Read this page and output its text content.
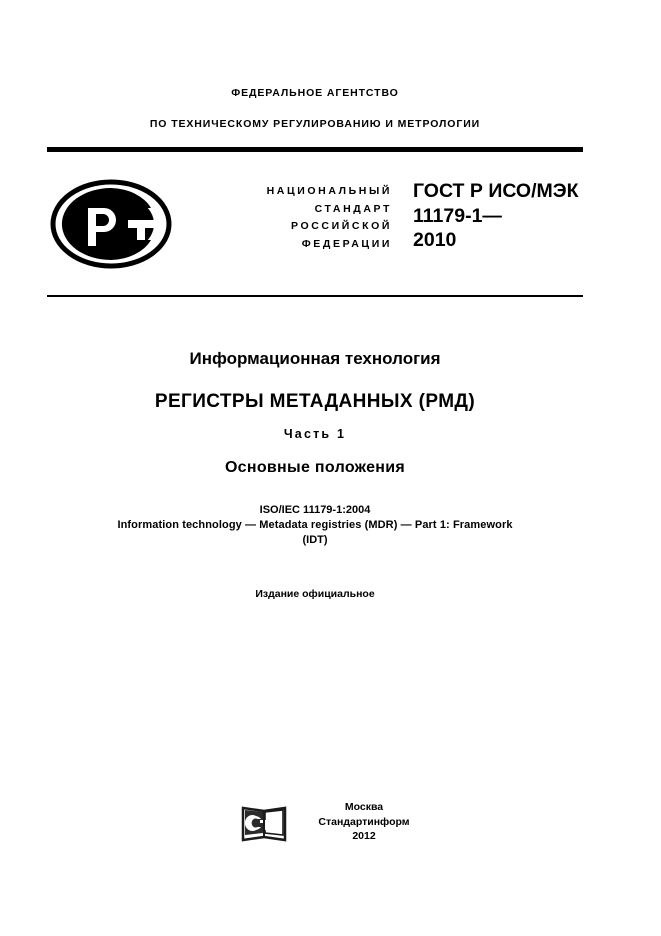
ФЕДЕРАЛЬНОЕ АГЕНТСТВО
ПО ТЕХНИЧЕСКОМУ РЕГУЛИРОВАНИЮ И МЕТРОЛОГИИ
НАЦИОНАЛЬНЫЙ
СТАНДАРТ
РОССИЙСКОЙ
ФЕДЕРАЦИИ
ГОСТ Р ИСО/МЭК
11179-1—
2010
Информационная технология
РЕГИСТРЫ МЕТАДАННЫХ (РМД)
Часть 1
Основные положения
ISO/IEC 11179-1:2004
Information technology — Metadata registries (MDR) — Part 1: Framework
(IDT)
Издание официальное
Москва
Стандартинформ
2012
